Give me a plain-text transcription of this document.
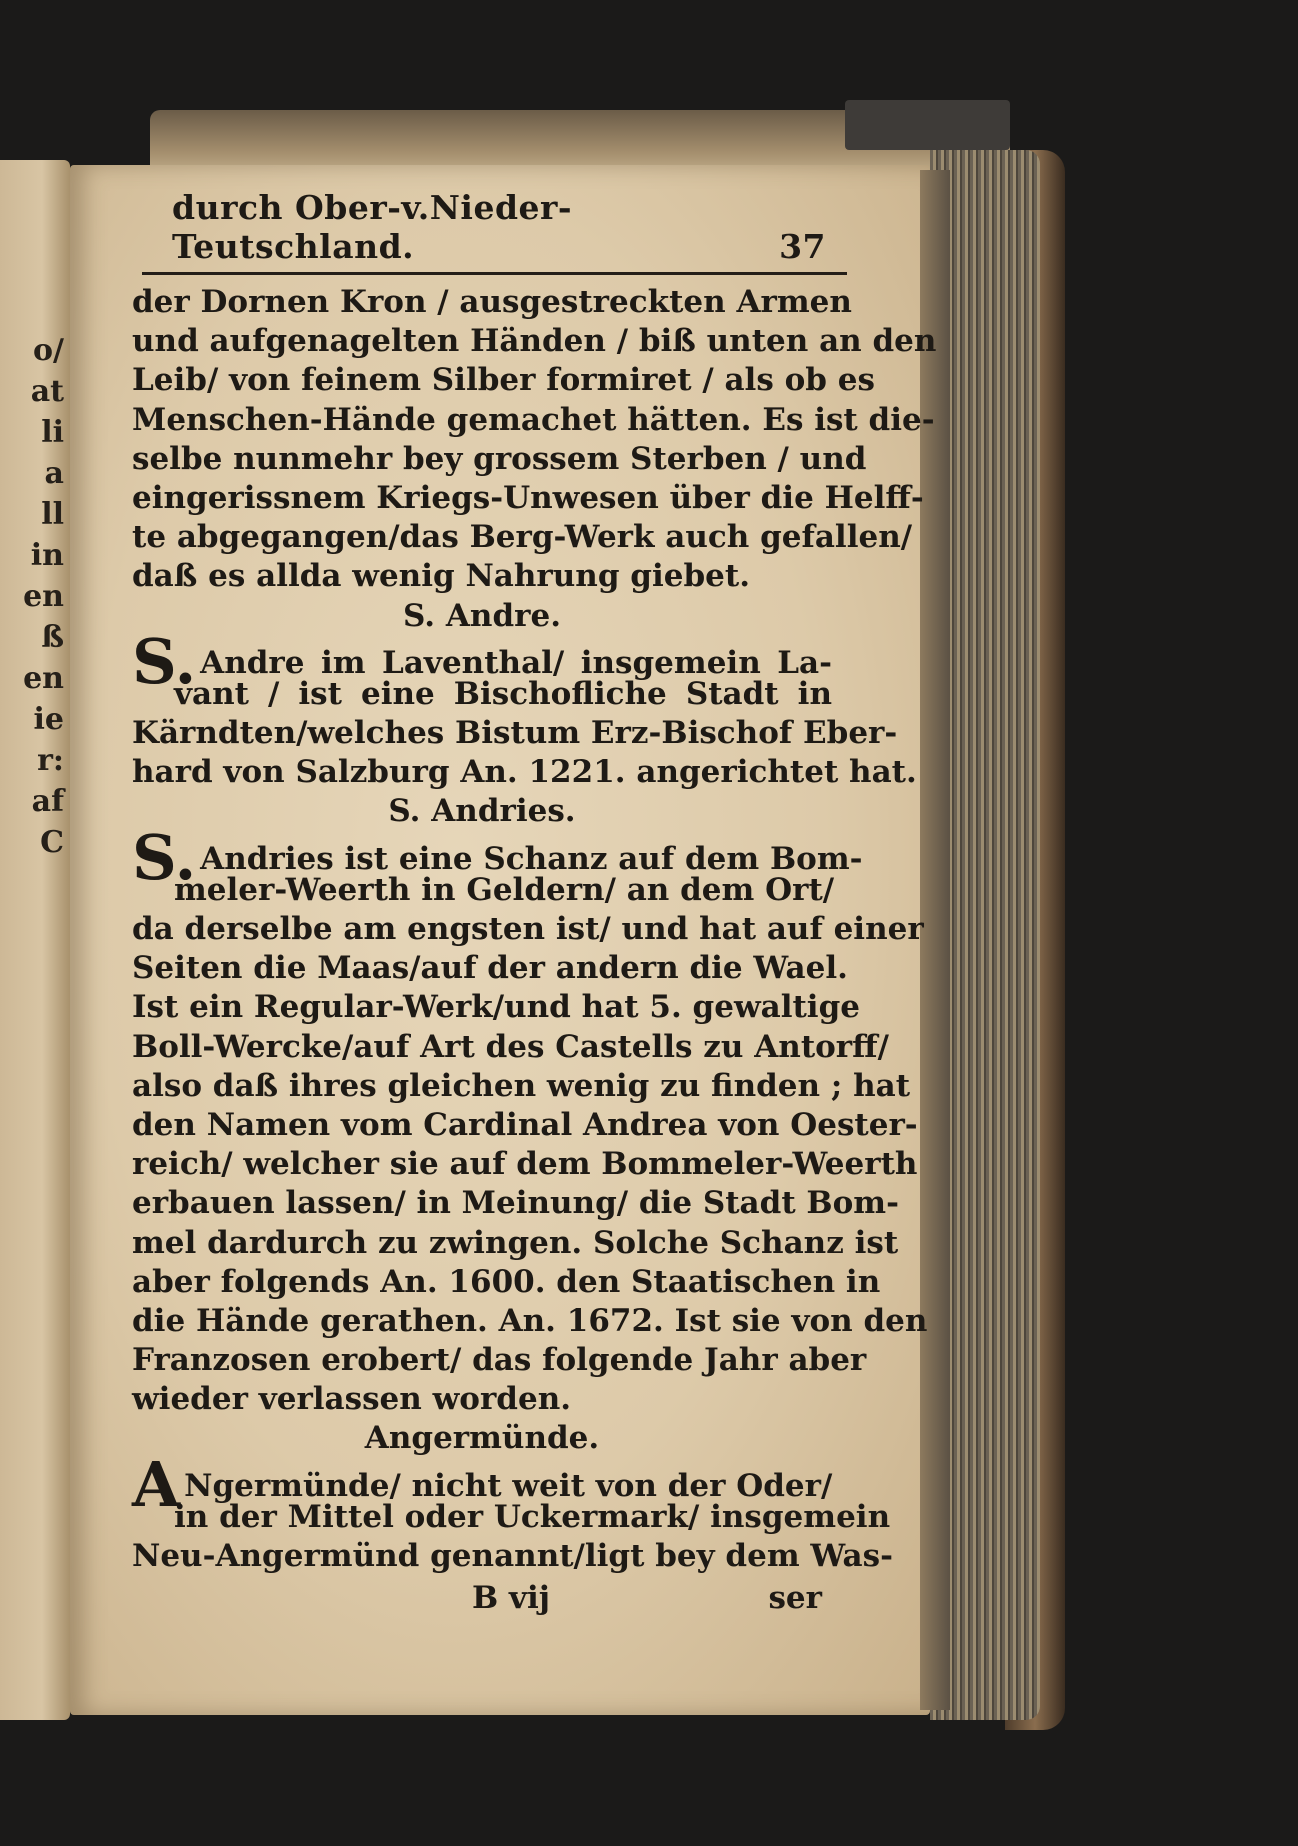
o/
at
li
a
ll
in
en
ß
en
ie
r:
af
C
durch Ober-v.Nieder-Teutschland.	37
der Dornen Kron / ausgestreckten Armen
und aufgenagelten Händen / biß unten an den
Leib/ von feinem Silber formiret / als ob es
Menschen-Hände gemachet hätten. Es ist die-
selbe nunmehr bey grossem Sterben / und
eingerissnem Kriegs-Unwesen über die Helff-
te abgegangen/das Berg-Werk auch gefallen/
daß es allda wenig Nahrung giebet.
S. Andre.
S. Andre im Laventhal/ insgemein La-
vant / ist eine Bischofliche Stadt in
Kärndten/welches Bistum Erz-Bischof Eber-
hard von Salzburg An. 1221. angerichtet hat.
S. Andries.
S. Andries ist eine Schanz auf dem Bom-
meler-Weerth in Geldern/ an dem Ort/
da derselbe am engsten ist/ und hat auf einer
Seiten die Maas/auf der andern die Wael.
Ist ein Regular-Werk/und hat 5. gewaltige
Boll-Wercke/auf Art des Castells zu Antorff/
also daß ihres gleichen wenig zu finden ; hat
den Namen vom Cardinal Andrea von Oester-
reich/ welcher sie auf dem Bommeler-Weerth
erbauen lassen/ in Meinung/ die Stadt Bom-
mel dardurch zu zwingen. Solche Schanz ist
aber folgends An. 1600. den Staatischen in
die Hände gerathen. An. 1672. Ist sie von den
Franzosen erobert/ das folgende Jahr aber
wieder verlassen worden.
Angermünde.
A Ngermünde/ nicht weit von der Oder/
in der Mittel oder Uckermark/ insgemein
Neu-Angermünd genannt/ligt bey dem Was-
B vij	ser
